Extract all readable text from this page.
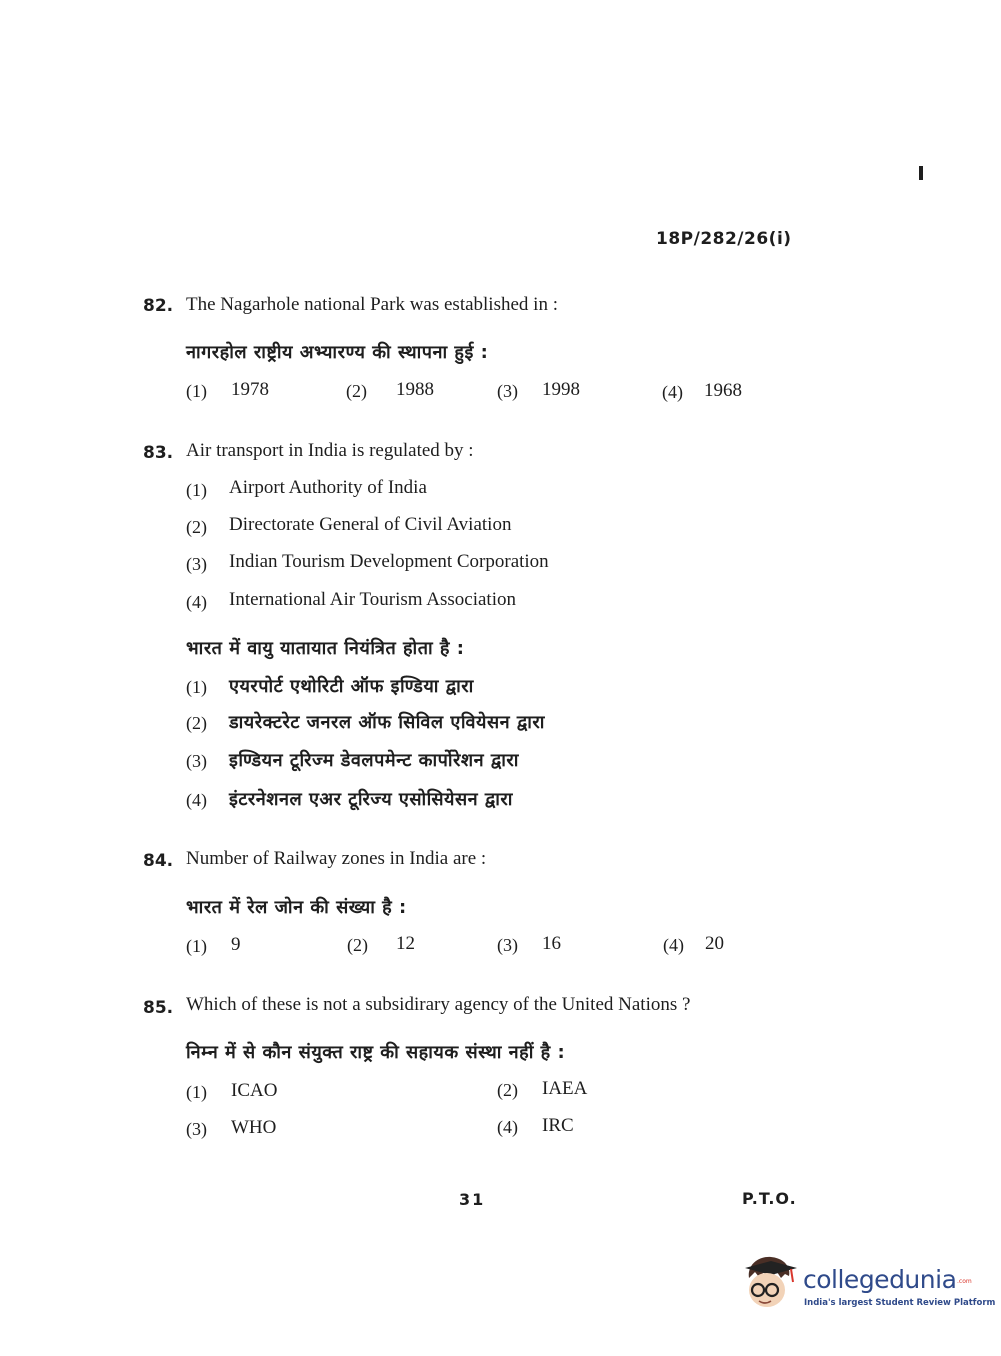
18P/282/26(i)
82. The Nagarhole national Park was established in :
नागरहोल राष्ट्रीय अभ्यारण्य की स्थापना हुई :
(1) 1978	(2) 1988	(3) 1998	(4) 1968
83. Air transport in India is regulated by :
(1) Airport Authority of India
(2) Directorate General of Civil Aviation
(3) Indian Tourism Development Corporation
(4) International Air Tourism Association
भारत में वायु यातायात नियंत्रित होता है :
(1) एयरपोर्ट एथोरिटी ऑफ इण्डिया द्वारा
(2) डायरेक्टरेट जनरल ऑफ सिविल एवियेसन द्वारा
(3) इण्डियन टूरिज्म डेवलपमेन्ट कार्पोरेशन द्वारा
(4) इंटरनेशनल एअर टूरिज्य एसोसियेसन द्वारा
84. Number of Railway zones in India are :
भारत में रेल जोन की संख्या है :
(1) 9	(2) 12	(3) 16	(4) 20
85. Which of these is not a subsidirary agency of the United Nations ?
निम्न में से कौन संयुक्त राष्ट्र की सहायक संस्था नहीं है :
(1) ICAO	(2) IAEA
(3) WHO	(4) IRC
31	P.T.O.
collegedunia .com
India's largest Student Review Platform
